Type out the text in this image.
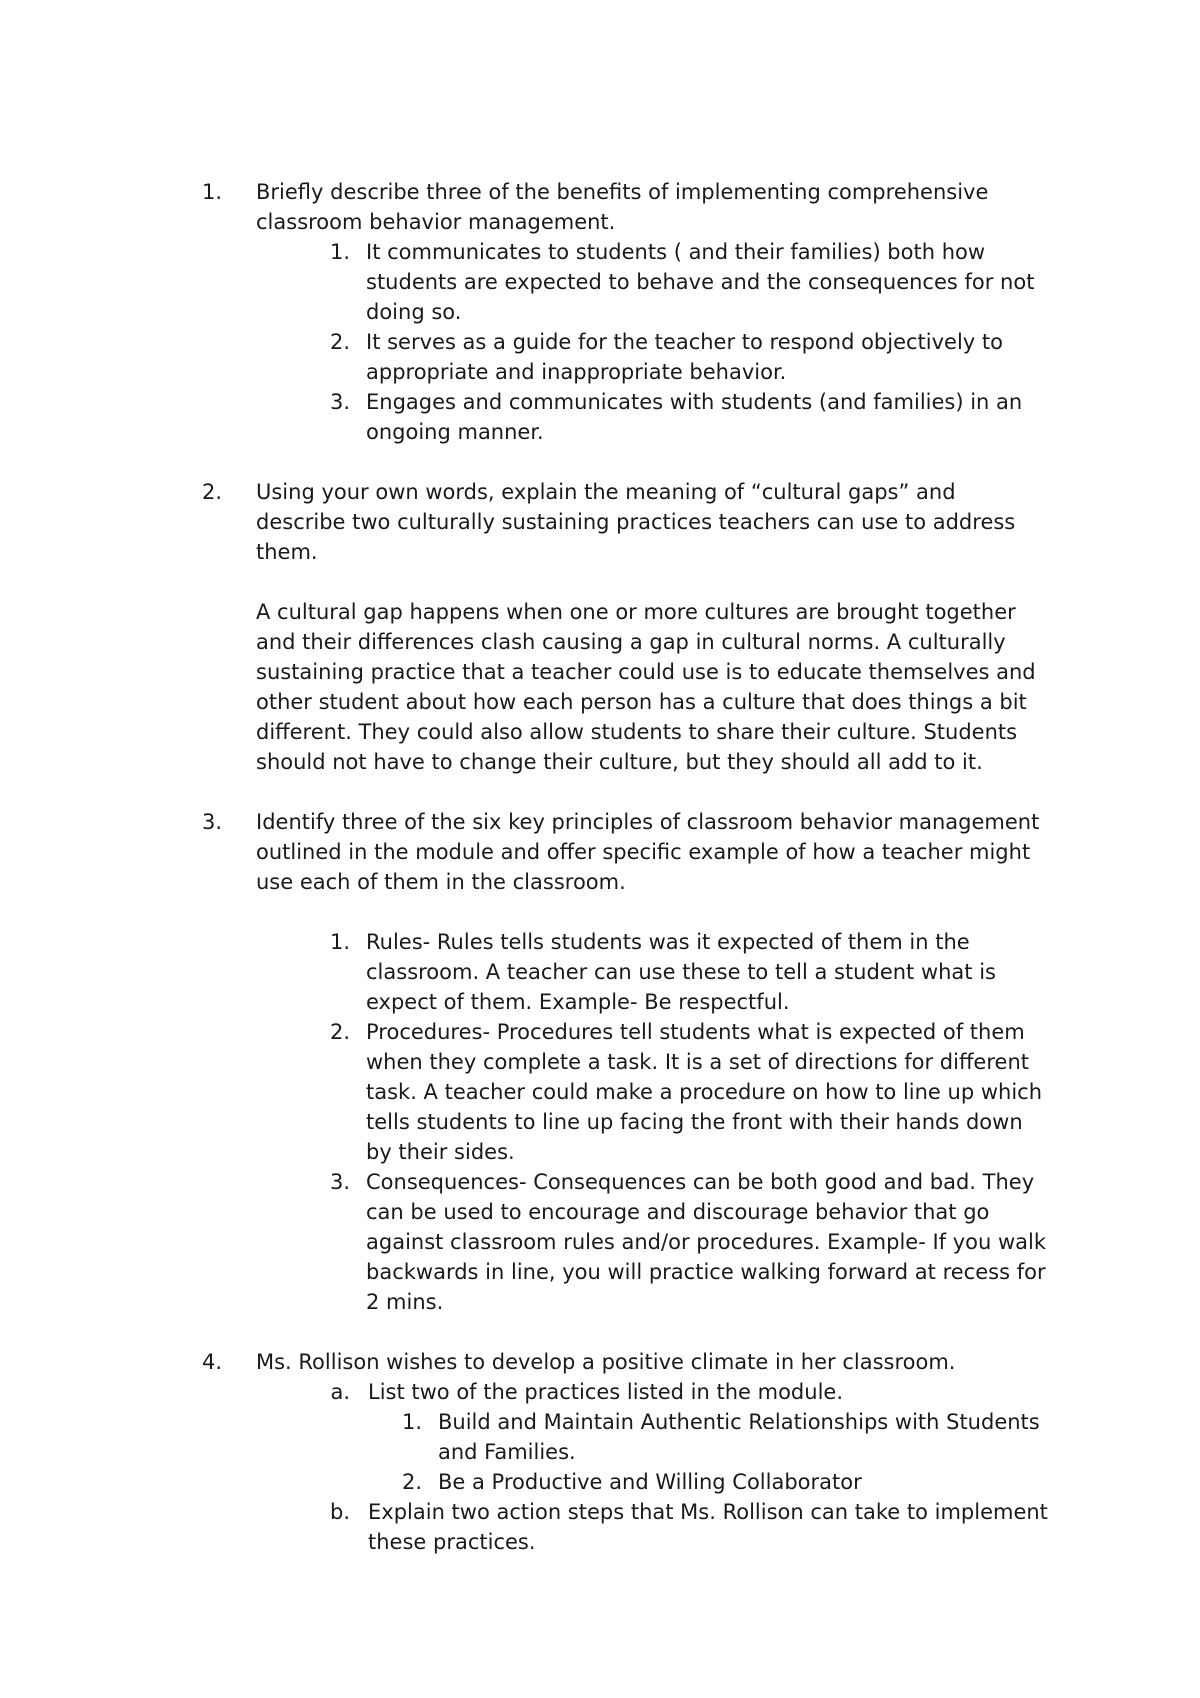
1. Briefly describe three of the benefits of implementing comprehensive
classroom behavior management.
1. It communicates to students ( and their families) both how
students are expected to behave and the consequences for not
doing so.
2. It serves as a guide for the teacher to respond objectively to
appropriate and inappropriate behavior.
3. Engages and communicates with students (and families) in an
ongoing manner.
2. Using your own words, explain the meaning of “cultural gaps” and
describe two culturally sustaining practices teachers can use to address
them.
A cultural gap happens when one or more cultures are brought together
and their differences clash causing a gap in cultural norms. A culturally
sustaining practice that a teacher could use is to educate themselves and
other student about how each person has a culture that does things a bit
different. They could also allow students to share their culture. Students
should not have to change their culture, but they should all add to it.
3. Identify three of the six key principles of classroom behavior management
outlined in the module and offer specific example of how a teacher might
use each of them in the classroom.
1. Rules- Rules tells students was it expected of them in the
classroom. A teacher can use these to tell a student what is
expect of them. Example- Be respectful.
2. Procedures- Procedures tell students what is expected of them
when they complete a task. It is a set of directions for different
task. A teacher could make a procedure on how to line up which
tells students to line up facing the front with their hands down
by their sides.
3. Consequences- Consequences can be both good and bad. They
can be used to encourage and discourage behavior that go
against classroom rules and/or procedures. Example- If you walk
backwards in line, you will practice walking forward at recess for
2 mins.
4. Ms. Rollison wishes to develop a positive climate in her classroom.
a. List two of the practices listed in the module.
1. Build and Maintain Authentic Relationships with Students
and Families.
2. Be a Productive and Willing Collaborator
b. Explain two action steps that Ms. Rollison can take to implement
these practices.
